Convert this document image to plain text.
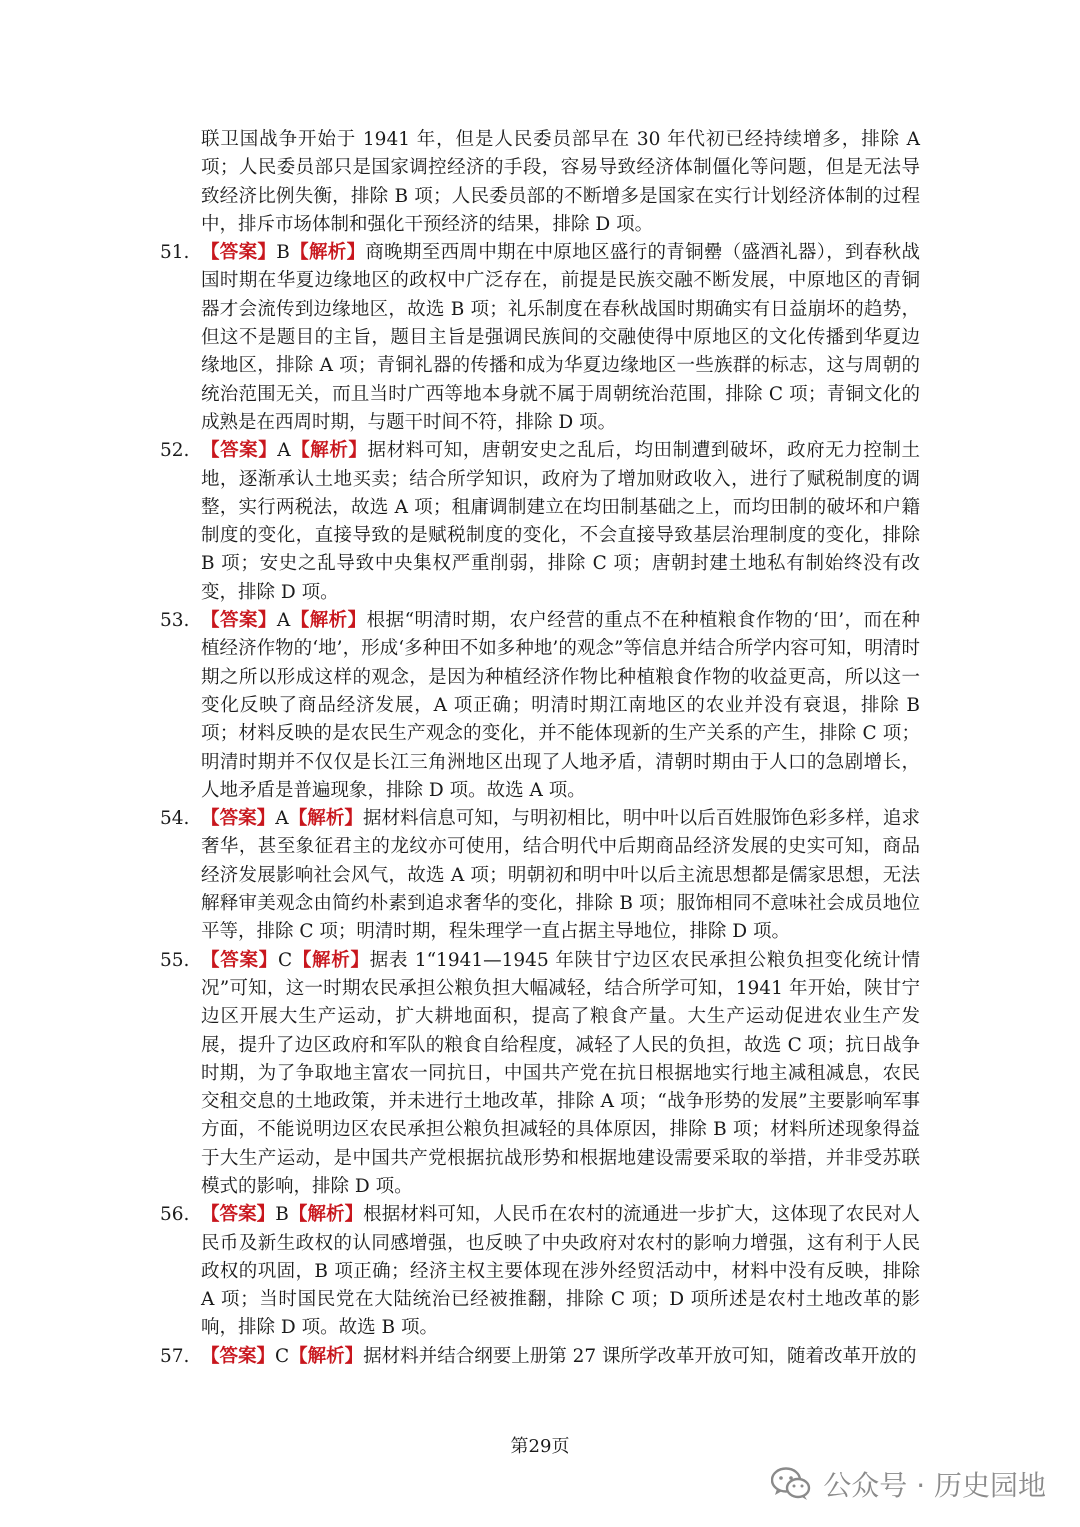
联卫国战争开始于 1941 年，但是人民委员部早在 30 年代初已经持续增多，排除 A 项；人民委员部只是国家调控经济的手段，容易导致经济体制僵化等问题，但是无法导致经济比例失衡，排除 B 项；人民委员部的不断增多是国家在实行计划经济体制的过程中，排斥市场体制和强化干预经济的结果，排除 D 项。
51. 【答案】B【解析】商晚期至西周中期在中原地区盛行的青铜罍（盛酒礼器），到春秋战国时期在华夏边缘地区的政权中广泛存在，前提是民族交融不断发展，中原地区的青铜器才会流传到边缘地区，故选 B 项；礼乐制度在春秋战国时期确实有日益崩坏的趋势，但这不是题目的主旨，题目主旨是强调民族间的交融使得中原地区的文化传播到华夏边缘地区，排除 A 项；青铜礼器的传播和成为华夏边缘地区一些族群的标志，这与周朝的统治范围无关，而且当时广西等地本身就不属于周朝统治范围，排除 C 项；青铜文化的成熟是在西周时期，与题干时间不符，排除 D 项。
52. 【答案】A【解析】据材料可知，唐朝安史之乱后，均田制遭到破坏，政府无力控制土地，逐渐承认土地买卖；结合所学知识，政府为了增加财政收入，进行了赋税制度的调整，实行两税法，故选 A 项；租庸调制建立在均田制基础之上，而均田制的破坏和户籍制度的变化，直接导致的是赋税制度的变化，不会直接导致基层治理制度的变化，排除 B 项；安史之乱导致中央集权严重削弱，排除 C 项；唐朝封建土地私有制始终没有改变，排除 D 项。
53. 【答案】A【解析】根据“明清时期，农户经营的重点不在种植粮食作物的‘田’，而在种植经济作物的‘地’，形成‘多种田不如多种地’的观念”等信息并结合所学内容可知，明清时期之所以形成这样的观念，是因为种植经济作物比种植粮食作物的收益更高，所以这一变化反映了商品经济发展，A 项正确；明清时期江南地区的农业并没有衰退，排除 B 项；材料反映的是农民生产观念的变化，并不能体现新的生产关系的产生，排除 C 项；明清时期并不仅仅是长江三角洲地区出现了人地矛盾，清朝时期由于人口的急剧增长，人地矛盾是普遍现象，排除 D 项。故选 A 项。
54. 【答案】A【解析】据材料信息可知，与明初相比，明中叶以后百姓服饰色彩多样，追求奢华，甚至象征君主的龙纹亦可使用，结合明代中后期商品经济发展的史实可知，商品经济发展影响社会风气，故选 A 项；明朝初和明中叶以后主流思想都是儒家思想，无法解释审美观念由简约朴素到追求奢华的变化，排除 B 项；服饰相同不意味社会成员地位平等，排除 C 项；明清时期，程朱理学一直占据主导地位，排除 D 项。
55. 【答案】C【解析】据表 1“1941—1945 年陕甘宁边区农民承担公粮负担变化统计情况”可知，这一时期农民承担公粮负担大幅减轻，结合所学可知，1941 年开始，陕甘宁边区开展大生产运动，扩大耕地面积，提高了粮食产量。大生产运动促进农业生产发展，提升了边区政府和军队的粮食自给程度，减轻了人民的负担，故选 C 项；抗日战争时期，为了争取地主富农一同抗日，中国共产党在抗日根据地实行地主减租减息，农民交租交息的土地政策，并未进行土地改革，排除 A 项；“战争形势的发展”主要影响军事方面，不能说明边区农民承担公粮负担减轻的具体原因，排除 B 项；材料所述现象得益于大生产运动，是中国共产党根据抗战形势和根据地建设需要采取的举措，并非受苏联模式的影响，排除 D 项。
56. 【答案】B【解析】根据材料可知，人民币在农村的流通进一步扩大，这体现了农民对人民币及新生政权的认同感增强，也反映了中央政府对农村的影响力增强，这有利于人民政权的巩固，B 项正确；经济主权主要体现在涉外经贸活动中，材料中没有反映，排除 A 项；当时国民党在大陆统治已经被推翻，排除 C 项；D 项所述是农村土地改革的影响，排除 D 项。故选 B 项。
57. 【答案】C【解析】据材料并结合纲要上册第 27 课所学改革开放可知，随着改革开放的
第29页
公众号 · 历史园地
